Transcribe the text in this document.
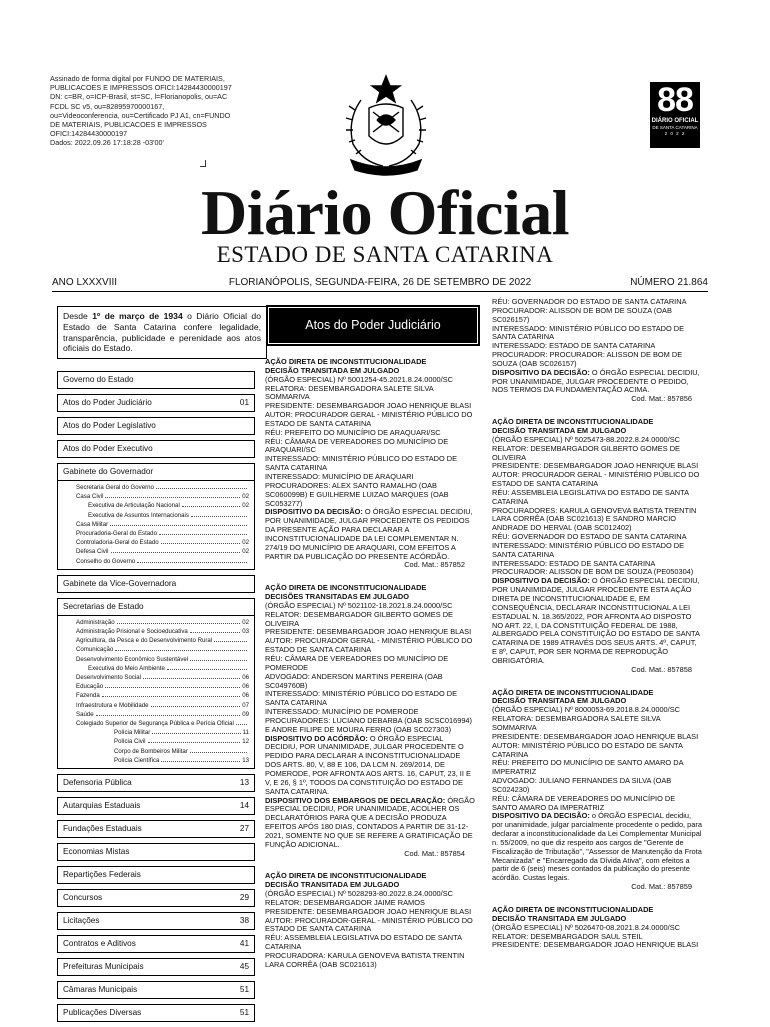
Assinado de forma digital por FUNDO DE MATERIAIS, PUBLICACOES E IMPRESSOS OFICI:14284430000197
DN: c=BR, o=ICP-Brasil, st=SC, l=Florianopolis, ou=AC FCDL SC v5, ou=82895970000167, ou=Videoconferencia, ou=Certificado PJ A1, cn=FUNDO DE MATERIAIS, PUBLICACOES E IMPRESSOS OFICI:14284430000197
Dados: 2022.09.26 17:18:28 -03'00'
88
DIÁRIO OFICIAL
DE SANTA CATARINA
2 0 2 2
Diário Oficial
ESTADO DE SANTA CATARINA
FLORIANÓPOLIS, SEGUNDA-FEIRA, 26 DE SETEMBRO DE 2022
ANO LXXXVIII	NÚMERO 21.864
Desde 1º de março de 1934 o Diário Oficial do Estado de Santa Catarina confere legalidade, transparência, publicidade e perenidade aos atos oficiais do Estado.
Governo do Estado
Atos do Poder Judiciário	01
Atos do Poder Legislativo
Atos do Poder Executivo
Gabinete do Governador
Secretaria Geral do Governo
Casa Civil	02
Executiva de Articulação Nacional	02
Executiva de Assuntos Internacionais
Casa Militar
Procuradoria-Geral do Estado
Controladoria-Geral do Estado	02
Defesa Civil	02
Conselho do Governo
Gabinete da Vice-Governadora
Secretarias de Estado
Administração	02
Administração Prisional e Socioeducativa	03
Agricultura, da Pesca e do Desenvolvimento Rural
Comunicação
Desenvolvimento Econômico Sustentável
Executiva do Meio Ambiente
Desenvolvimento Social	06
Educação	06
Fazenda	06
Infraestrutura e Mobilidade	07
Saúde	09
Colegiado Superior de Segurança Pública e Perícia Oficial
Polícia Militar	11
Polícia Civil	12
Corpo de Bombeiros Militar
Polícia Científica	13
Defensoria Pública	13
Autarquias Estaduais	14
Fundações Estaduais	27
Economias Mistas
Repartições Federais
Concursos	29
Licitações	38
Contratos e Aditivos	41
Prefeituras Municipais	45
Câmaras Municipais	51
Publicações Diversas	51
Atos do Poder Judiciário

AÇÃO DIRETA DE INCONSTITUCIONALIDADE

DECISÃO TRANSITADA EM JULGADO

(ÓRGÃO ESPECIAL) Nº 5001254-45.2021.8.24.0000/SC

RELATORA: DESEMBARGADORA SALETE SILVA SOMMARIVA

PRESIDENTE: DESEMBARGADOR JOAO HENRIQUE BLASI

AUTOR: PROCURADOR GERAL - MINISTÉRIO PÚBLICO DO ESTADO DE SANTA CATARINA

RÉU: PREFEITO DO MUNICÍPIO DE ARAQUARI/SC

RÉU: CÂMARA DE VEREADORES DO MUNICÍPIO DE ARAQUARI/SC

INTERESSADO: MINISTÉRIO PÚBLICO DO ESTADO DE SANTA CATARINA

INTERESSADO: MUNICÍPIO DE ARAQUARI

PROCURADORES: ALEX SANTO RAMALHO (OAB SC060099B) E GUILHERME LUIZAO MARQUES (OAB SC053277)

DISPOSITIVO DA DECISÃO: O ÓRGÃO ESPECIAL DECIDIU, POR UNANIMIDADE, JULGAR PROCEDENTE OS PEDIDOS DA PRESENTE AÇÃO PARA DECLARAR A INCONSTITUCIONALIDADE DA LEI COMPLEMENTAR N. 274/19 DO MUNICÍPIO DE ARAQUARI, COM EFEITOS A PARTIR DA PUBLICAÇÃO DO PRESENTE ACÓRDÃO.

Cod. Mat.: 857852

AÇÃO DIRETA DE INCONSTITUCIONALIDADE

DECISÕES TRANSITADAS EM JULGADO

(ÓRGÃO ESPECIAL) Nº 5021102-18.2021.8.24.0000/SC

RELATOR: DESEMBARGADOR GILBERTO GOMES DE OLIVEIRA

PRESIDENTE: DESEMBARGADOR JOAO HENRIQUE BLASI

AUTOR: PROCURADOR GERAL - MINISTÉRIO PÚBLICO DO ESTADO DE SANTA CATARINA

RÉU: CÂMARA DE VEREADORES DO MUNICÍPIO DE POMERODE

ADVOGADO: ANDERSON MARTINS PEREIRA (OAB SC049760B)

INTERESSADO: MINISTÉRIO PÚBLICO DO ESTADO DE SANTA CATARINA

INTERESSADO: MUNICÍPIO DE POMERODE

PROCURADORES: LUCIANO DEBARBA (OAB SCSC016994) E ANDRE FILIPE DE MOURA FERRO (OAB SC027303)

DISPOSITIVO DO ACÓRDÃO: O ÓRGÃO ESPECIAL DECIDIU, POR UNANIMIDADE, JULGAR PROCEDENTE O PEDIDO PARA DECLARAR A INCONSTITUCIONALIDADE DOS ARTS. 80, V, 88 E 106, DA LCM N. 269/2014, DE POMERODE, POR AFRONTA AOS ARTS. 16, CAPUT, 23, II E V, E 26, § 1º, TODOS DA CONSTITUIÇÃO DO ESTADO DE SANTA CATARINA.

DISPOSITIVO DOS EMBARGOS DE DECLARAÇÃO: ÓRGÃO ESPECIAL DECIDIU, POR UNANIMIDADE, ACOLHER OS DECLARATÓRIOS PARA QUE A DECISÃO PRODUZA EFEITOS APÓS 180 DIAS, CONTADOS A PARTIR DE 31-12-2021, SOMENTE NO QUE SE REFERE A GRATIFICAÇÃO DE FUNÇÃO ADICIONAL.

Cod. Mat.: 857854

AÇÃO DIRETA DE INCONSTITUCIONALIDADE

DECISÃO TRANSITADA EM JULGADO

(ÓRGÃO ESPECIAL) Nº 5028293-80.2022.8.24.0000/SC

RELATOR: DESEMBARGADOR JAIME RAMOS

PRESIDENTE: DESEMBARGADOR JOAO HENRIQUE BLASI

AUTOR: PROCURADOR-GERAL - MINISTÉRIO PÚBLICO DO ESTADO DE SANTA CATARINA

RÉU: ASSEMBLEIA LEGISLATIVA DO ESTADO DE SANTA CATARINA

PROCURADORA: KARULA GENOVEVA BATISTA TRENTIN LARA CORRÊA (OAB SC021613)

RÉU: GOVERNADOR DO ESTADO DE SANTA CATARINA

PROCURADOR: ALISSON DE BOM DE SOUZA (OAB SC026157)

INTERESSADO: MINISTÉRIO PÚBLICO DO ESTADO DE SANTA CATARINA

INTERESSADO: ESTADO DE SANTA CATARINA

PROCURADOR: PROCURADOR: ALISSON DE BOM DE SOUZA (OAB SC026157)

DISPOSITIVO DA DECISÃO: O ÓRGÃO ESPECIAL DECIDIU, POR UNANIMIDADE, JULGAR PROCEDENTE O PEDIDO, NOS TERMOS DA FUNDAMENTAÇÃO ACIMA.

Cod. Mat.: 857856

AÇÃO DIRETA DE INCONSTITUCIONALIDADE

DECISÃO TRANSITADA EM JULGADO

(ÓRGÃO ESPECIAL) Nº 5025473-88.2022.8.24.0000/SC

RELATOR: DESEMBARGADOR GILBERTO GOMES DE OLIVEIRA

PRESIDENTE: DESEMBARGADOR JOAO HENRIQUE BLASI

AUTOR: PROCURADOR GERAL - MINISTÉRIO PÚBLICO DO ESTADO DE SANTA CATARINA

RÉU: ASSEMBLEIA LEGISLATIVA DO ESTADO DE SANTA CATARINA

PROCURADORES: KARULA GENOVEVA BATISTA TRENTIN LARA CORRÊA (OAB SC021613) E SANDRO MARCIO ANDRADE DO HERVAL (OAB SC012402)

RÉU: GOVERNADOR DO ESTADO DE SANTA CATARINA

INTERESSADO: MINISTÉRIO PÚBLICO DO ESTADO DE SANTA CATARINA

INTERESSADO: ESTADO DE SANTA CATARINA

PROCURADOR: ALISSON DE BOM DE SOUZA (PE050304)

DISPOSITIVO DA DECISÃO: O ÓRGÃO ESPECIAL DECIDIU, POR UNANIMIDADE, JULGAR PROCEDENTE ESTA AÇÃO DIRETA DE INCONSTITUCIONALIDADE E, EM CONSEQUÊNCIA, DECLARAR INCONSTITUCIONAL A LEI ESTADUAL N. 18.365/2022, POR AFRONTA AO DISPOSTO NO ART. 22, I, DA CONSTITUIÇÃO FEDERAL DE 1988, ALBERGADO PELA CONSTITUIÇÃO DO ESTADO DE SANTA CATARINA DE 1989 ATRAVÉS DOS SEUS ARTS. 4º, CAPUT, E 8º, CAPUT, POR SER NORMA DE REPRODUÇÃO OBRIGATÓRIA.

Cod. Mat.: 857858

AÇÃO DIRETA DE INCONSTITUCIONALIDADE

DECISÃO TRANSITADA EM JULGADO

(ÓRGÃO ESPECIAL) Nº 8000053-69.2018.8.24.0000/SC

RELATORA: DESEMBARGADORA SALETE SILVA SOMMARIVA

PRESIDENTE: DESEMBARGADOR JOAO HENRIQUE BLASI

AUTOR: MINISTÉRIO PÚBLICO DO ESTADO DE SANTA CATARINA

RÉU: PREFEITO DO MUNICÍPIO DE SANTO AMARO DA IMPERATRIZ

ADVOGADO: JULIANO FERNANDES DA SILVA (OAB SC024230)

RÉU: CÂMARA DE VEREADORES DO MUNICÍPIO DE SANTO AMARO DA IMPERATRIZ

DISPOSITIVO DA DECISÃO: o ÓRGÃO ESPECIAL decidiu, por unanimidade, julgar parcialmente procedente o pedido, para declarar a inconstitucionalidade da Lei Complementar Municipal n. 55/2009, no que diz respeito aos cargos de "Gerente de Fiscalização de Tributação", "Assessor de Manutenção da Frota Mecanizada" e "Encarregado da Dívida Ativa", com efeitos a partir de 6 (seis) meses contados da publicação do presente acórdão. Custas legais.

Cod. Mat.: 857859

AÇÃO DIRETA DE INCONSTITUCIONALIDADE

DECISÃO TRANSITADA EM JULGADO

(ÓRGÃO ESPECIAL) Nº 5026470-08.2021.8.24.0000/SC

RELATOR: DESEMBARGADOR SAUL STEIL

PRESIDENTE: DESEMBARGADOR JOAO HENRIQUE BLASI
